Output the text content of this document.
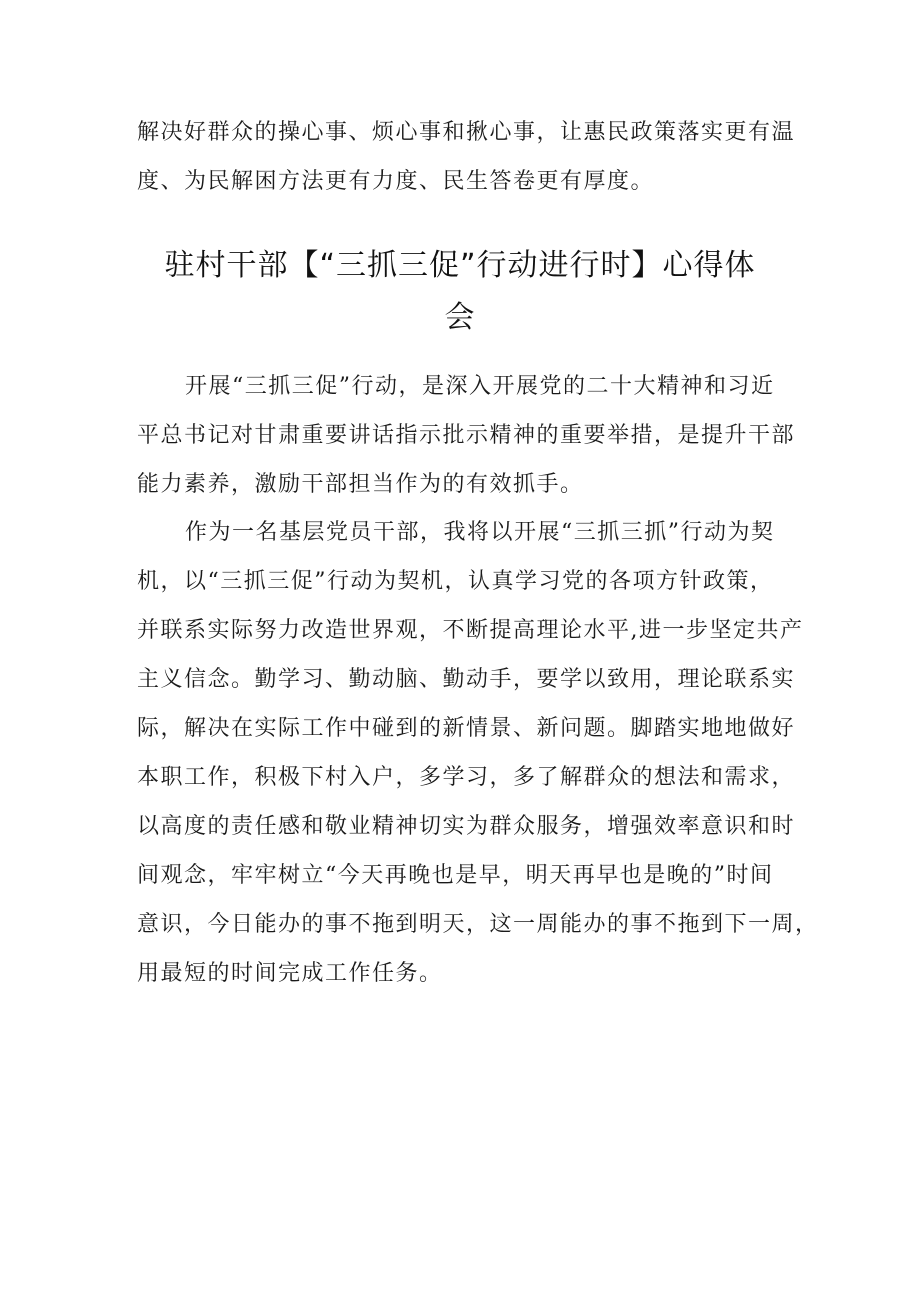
解决好群众的操心事、烦心事和揪心事，让惠民政策落实更有温
度、为民解困方法更有力度、民生答卷更有厚度。

驻村干部【“三抓三促”行动进行时】心得体
会

开展“三抓三促”行动，是深入开展党的二十大精神和习近
平总书记对甘肃重要讲话指示批示精神的重要举措，是提升干部
能力素养，激励干部担当作为的有效抓手。

作为一名基层党员干部，我将以开展“三抓三抓”行动为契
机，以“三抓三促”行动为契机，认真学习党的各项方针政策，
并联系实际努力改造世界观，不断提高理论水平,进一步坚定共产
主义信念。勤学习、勤动脑、勤动手，要学以致用，理论联系实
际，解决在实际工作中碰到的新情景、新问题。脚踏实地地做好
本职工作，积极下村入户，多学习，多了解群众的想法和需求，
以高度的责任感和敬业精神切实为群众服务，增强效率意识和时
间观念，牢牢树立“今天再晚也是早，明天再早也是晚的”时间
意识，今日能办的事不拖到明天，这一周能办的事不拖到下一周，
用最短的时间完成工作任务。
